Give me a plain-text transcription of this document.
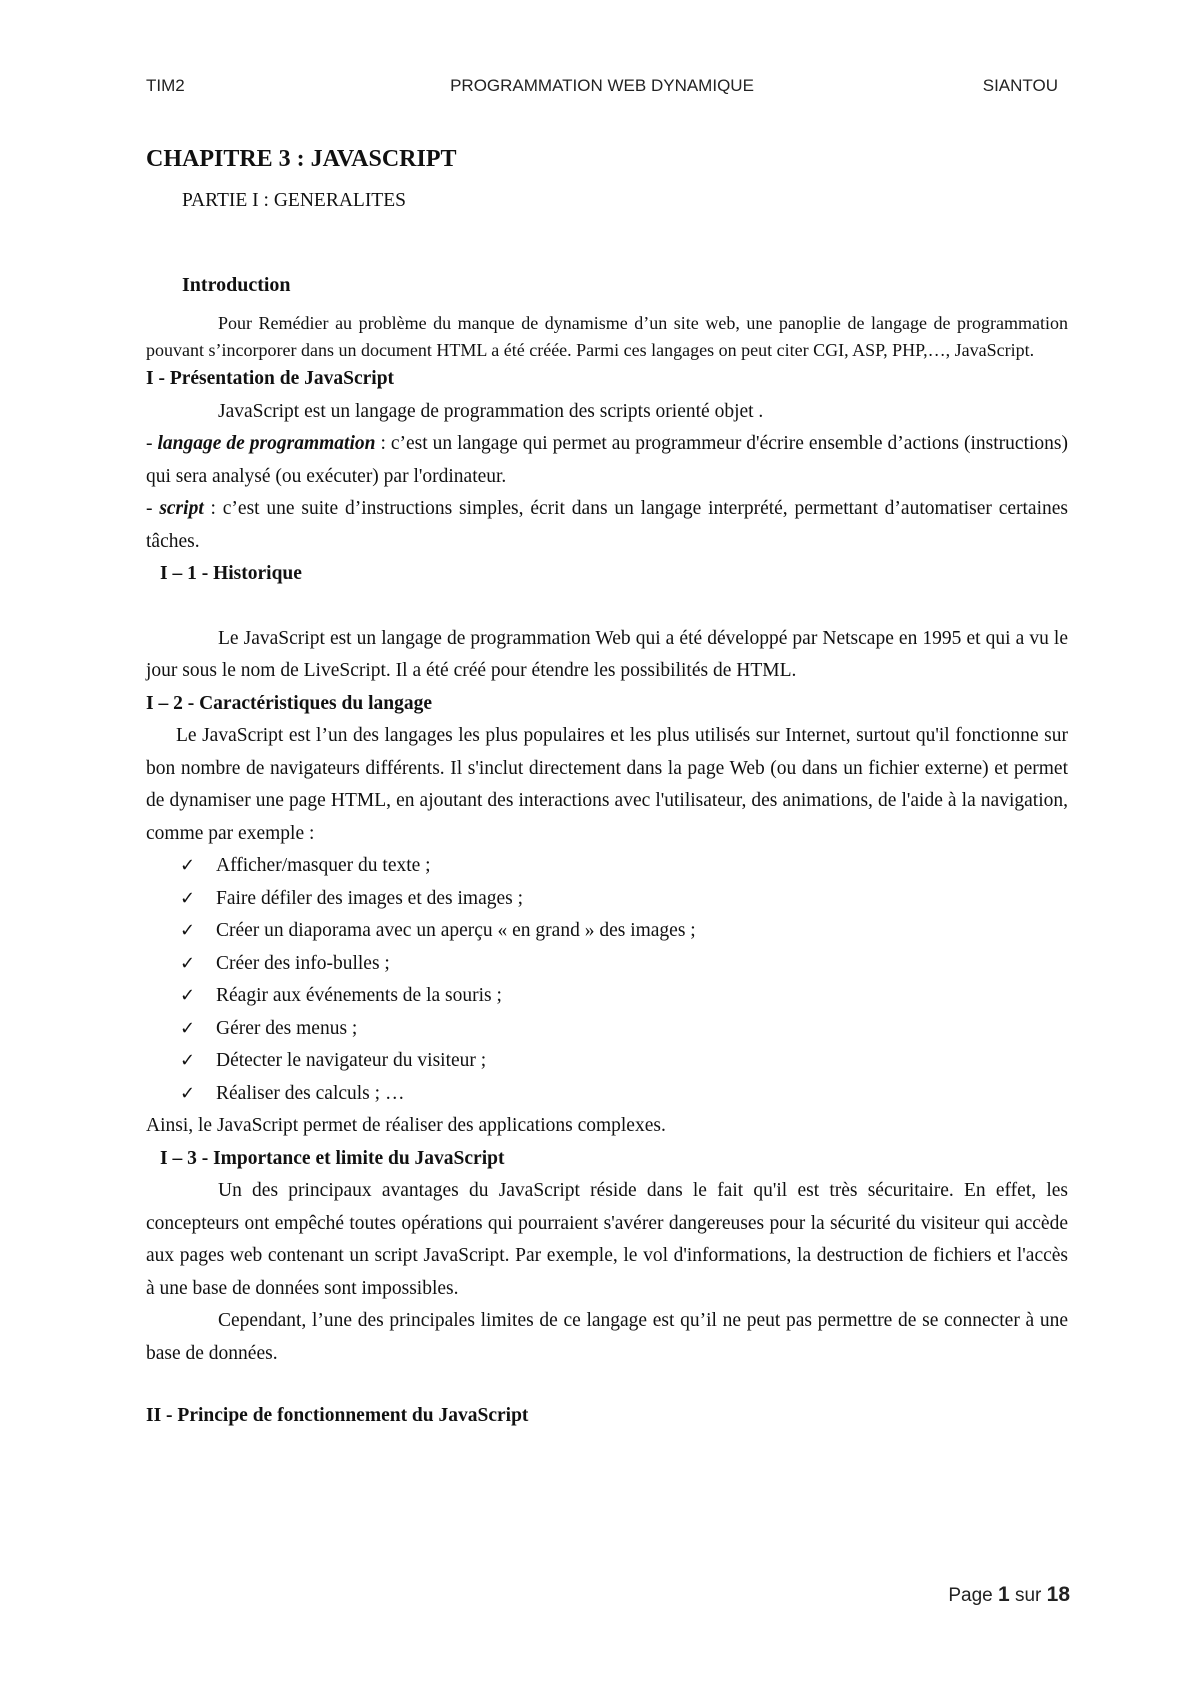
TIM2	PROGRAMMATION WEB DYNAMIQUE	SIANTOU
CHAPITRE 3 : JAVASCRIPT

PARTIE I : GENERALITES

Introduction

Pour Remédier au problème du manque de dynamisme d’un site web, une panoplie de langage de programmation pouvant s’incorporer dans un document HTML a été créée. Parmi ces langages on peut citer CGI, ASP, PHP,…, JavaScript.

I - Présentation de JavaScript

JavaScript est un langage de programmation des scripts orienté objet .

- langage de programmation : c’est un langage qui permet au programmeur d'écrire ensemble d’actions (instructions) qui sera analysé (ou exécuter) par l'ordinateur.

- script : c’est une suite d’instructions simples, écrit dans un langage interprété, permettant d’automatiser certaines tâches.

I – 1 - Historique

Le JavaScript est un langage de programmation Web qui a été développé par Netscape en 1995 et qui a vu le jour sous le nom de LiveScript. Il a été créé pour étendre les possibilités de HTML.

I – 2 - Caractéristiques du langage

Le JavaScript est l’un des langages les plus populaires et les plus utilisés sur Internet, surtout qu'il fonctionne sur bon nombre de navigateurs différents. Il s'inclut directement dans la page Web (ou dans un fichier externe) et permet de dynamiser une page HTML, en ajoutant des interactions avec l'utilisateur, des animations, de l'aide à la navigation, comme par exemple :

✓ Afficher/masquer du texte ;
✓ Faire défiler des images et des images ;
✓ Créer un diaporama avec un aperçu « en grand » des images ;
✓ Créer des info-bulles ;
✓ Réagir aux événements de la souris ;
✓ Gérer des menus ;
✓ Détecter le navigateur du visiteur ;
✓ Réaliser des calculs ; …

Ainsi, le JavaScript permet de réaliser des applications complexes.

I – 3 - Importance et limite du JavaScript

Un des principaux avantages du JavaScript réside dans le fait qu'il est très sécuritaire. En effet, les concepteurs ont empêché toutes opérations qui pourraient s'avérer dangereuses pour la sécurité du visiteur qui accède aux pages web contenant un script JavaScript. Par exemple, le vol d'informations, la destruction de fichiers et l'accès à une base de données sont impossibles.

Cependant, l’une des principales limites de ce langage est qu’il ne peut pas permettre de se connecter à une base de données.

II - Principe de fonctionnement du JavaScript

Page 1 sur 18
